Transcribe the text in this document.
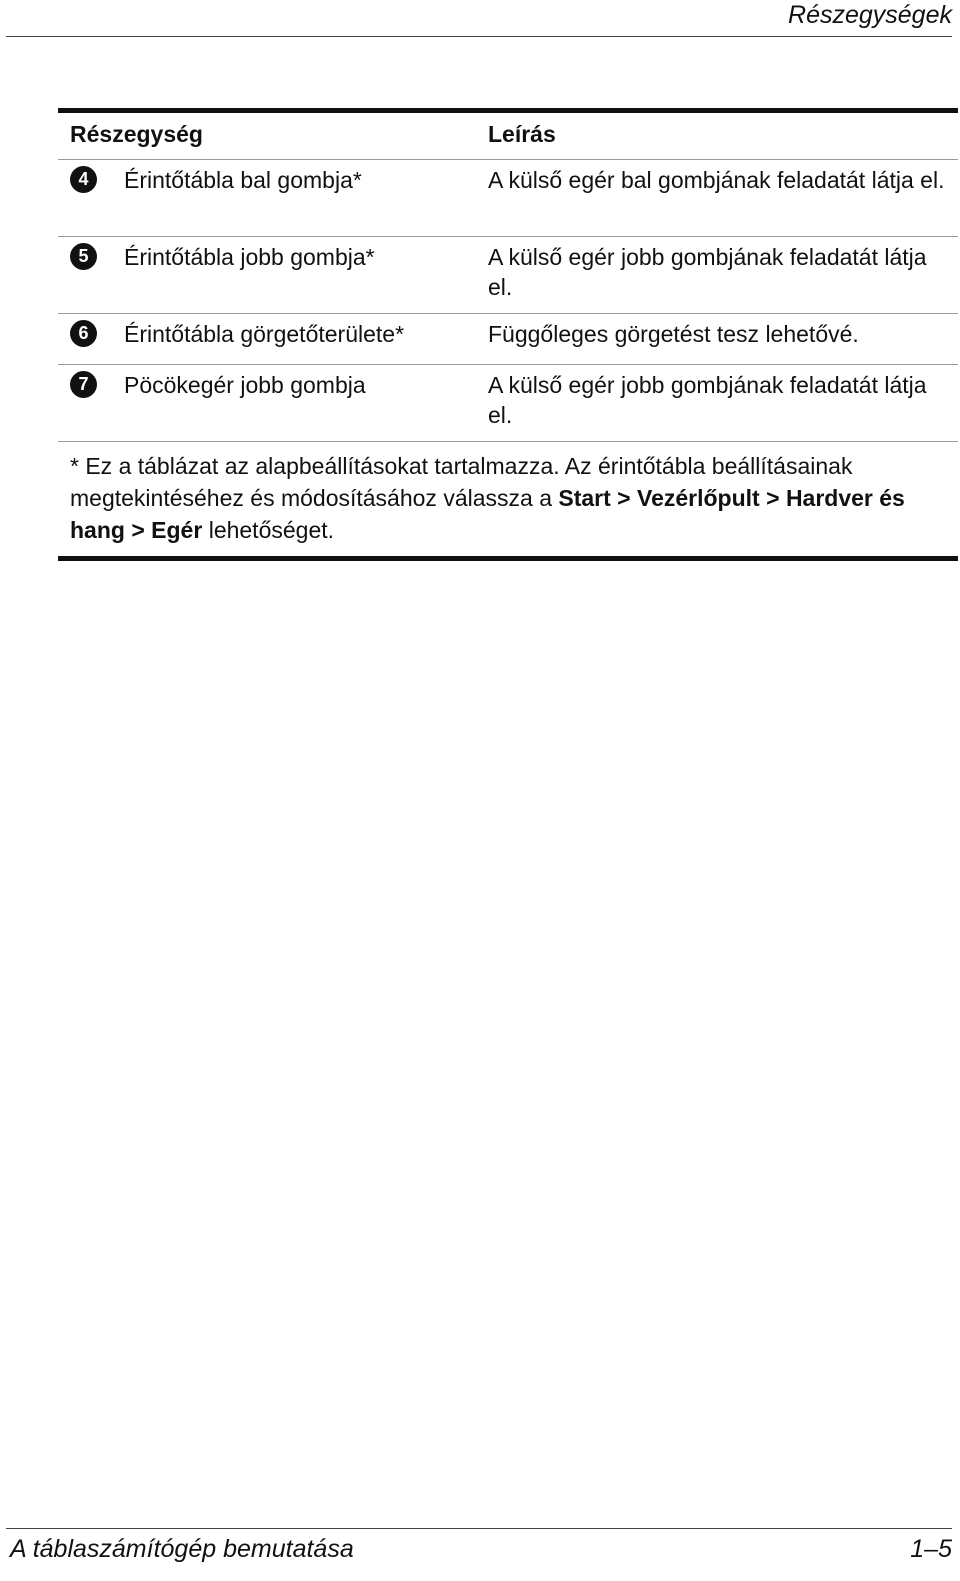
Részegységek
Részegység	Leírás
4	Érintőtábla bal gombja*	A külső egér bal gombjának feladatát látja el.
5	Érintőtábla jobb gombja*	A külső egér jobb gombjának feladatát látja el.
6	Érintőtábla görgetőterülete*	Függőleges görgetést tesz lehetővé.
7	Pöcökegér jobb gombja	A külső egér jobb gombjának feladatát látja el.
* Ez a táblázat az alapbeállításokat tartalmazza. Az érintőtábla beállításainak megtekintéséhez és módosításához válassza a Start > Vezérlőpult > Hardver és hang > Egér lehetőséget.
A táblaszámítógép bemutatása	1–5
